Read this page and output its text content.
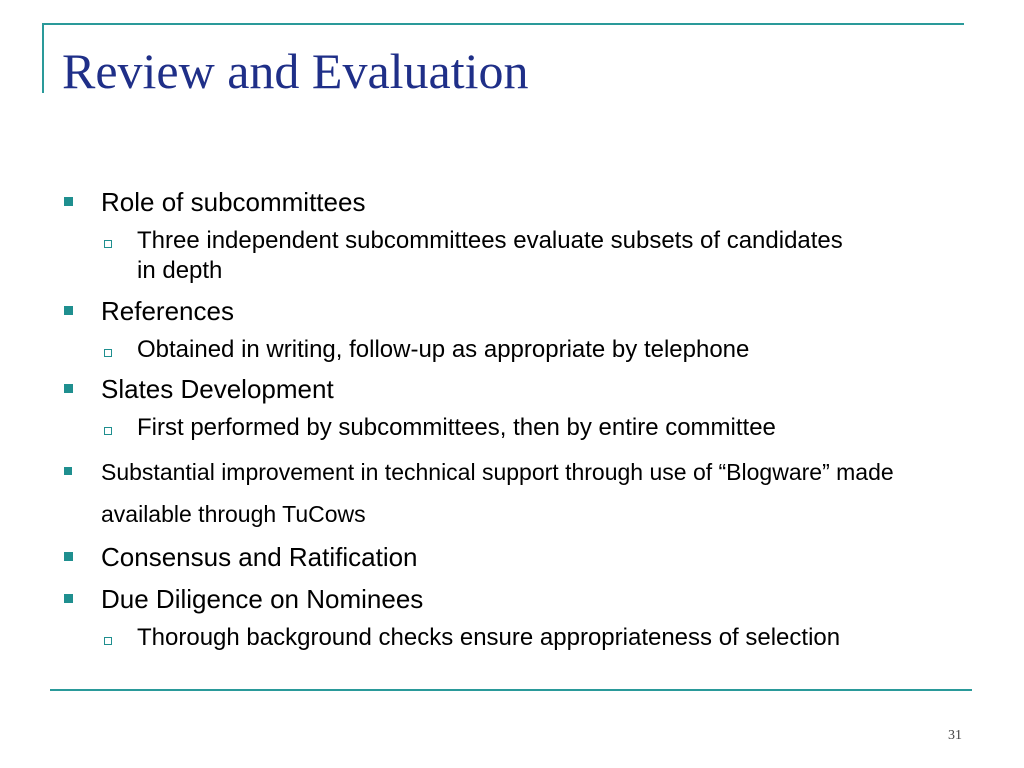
Review and Evaluation
Role of subcommittees
Three independent subcommittees evaluate subsets of candidates in depth
References
Obtained in writing, follow-up as appropriate by telephone
Slates Development
First performed by subcommittees, then by entire committee
Substantial improvement in technical support through use of “Blogware” made available through TuCows
Consensus and Ratification
Due Diligence on Nominees
Thorough background checks ensure appropriateness of selection
31
